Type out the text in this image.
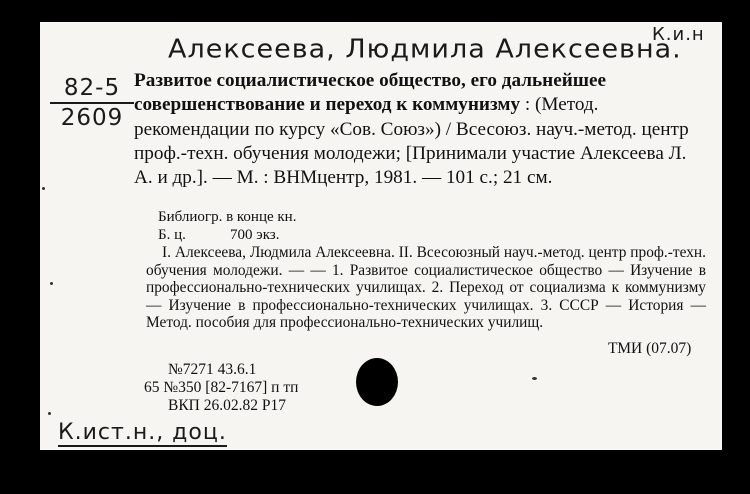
Алексеева, Людмила Алексеевна.
К.и.н
82-5
2609
Развитое социалистическое общество, его дальнейшее совершенствование и переход к коммунизму : (Метод. рекомендации по курсу «Сов. Союз») / Всесоюз. науч.-метод. центр проф.-техн. обучения молодежи; [Принимали участие Алексеева Л. А. и др.]. — М. : ВНМцентр, 1981. — 101 с.; 21 см.
Библиогр. в конце кн.
Б. ц.	700 экз.
I. Алексеева, Людмила Алексеевна. II. Всесоюзный науч.-метод. центр проф.-техн. обучения молодежи. — — 1. Развитое социалистическое общество — Изучение в профессионально-технических училищах. 2. Переход от социализма к коммунизму — Изучение в профессионально-технических училищах. 3. СССР — История — Метод. пособия для профессионально-технических училищ.
ТМИ (07.07)
№7271 43.6.1
65 №350 [82-7167] п тп
ВКП 26.02.82 Р17
К.ист.н., доц.
